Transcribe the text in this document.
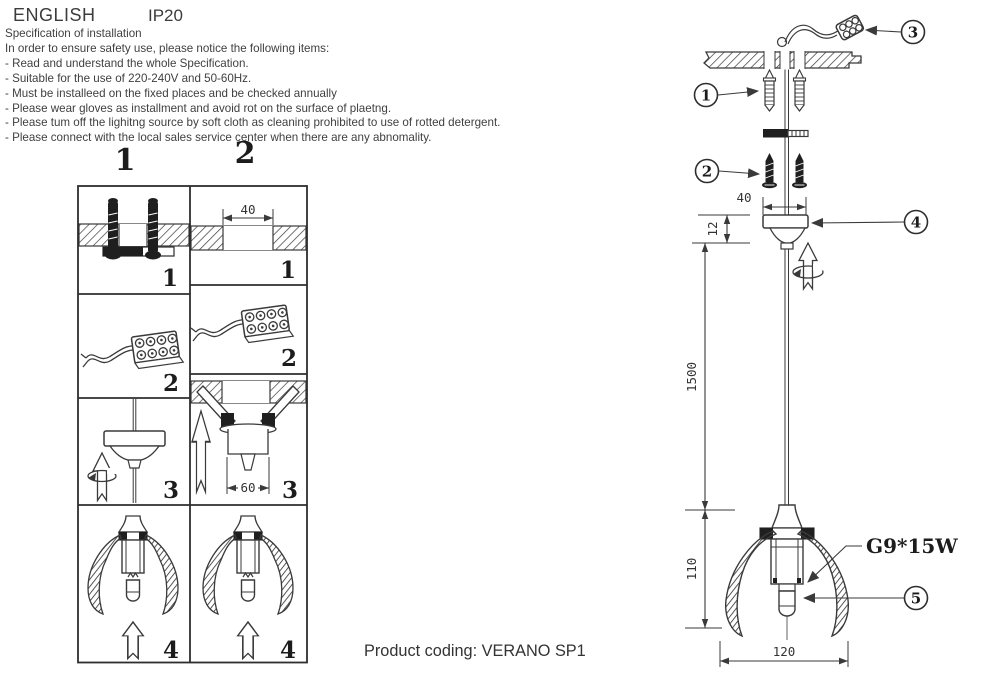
ENGLISH	IP20
Specification of installation
In order to ensure safety use, please notice the following items:
- Read and understand the whole Specification.
- Suitable for the use of 220-240V and 50-60Hz.
- Must be installeed on the fixed places and be checked annually
- Please wear gloves as installment and avoid rot on the surface of plaetng.
- Please tum off the lighitng source by soft cloth as cleaning prohibited to use of rotted detergent.
- Please connect with the local sales service center when there are any abnomality.
1	2
1
40
1
2
2
3	60 3
4	4
1
2
40
4
12
1500
110
G9*15W
5
3
120
Product coding: VERANO SP1
